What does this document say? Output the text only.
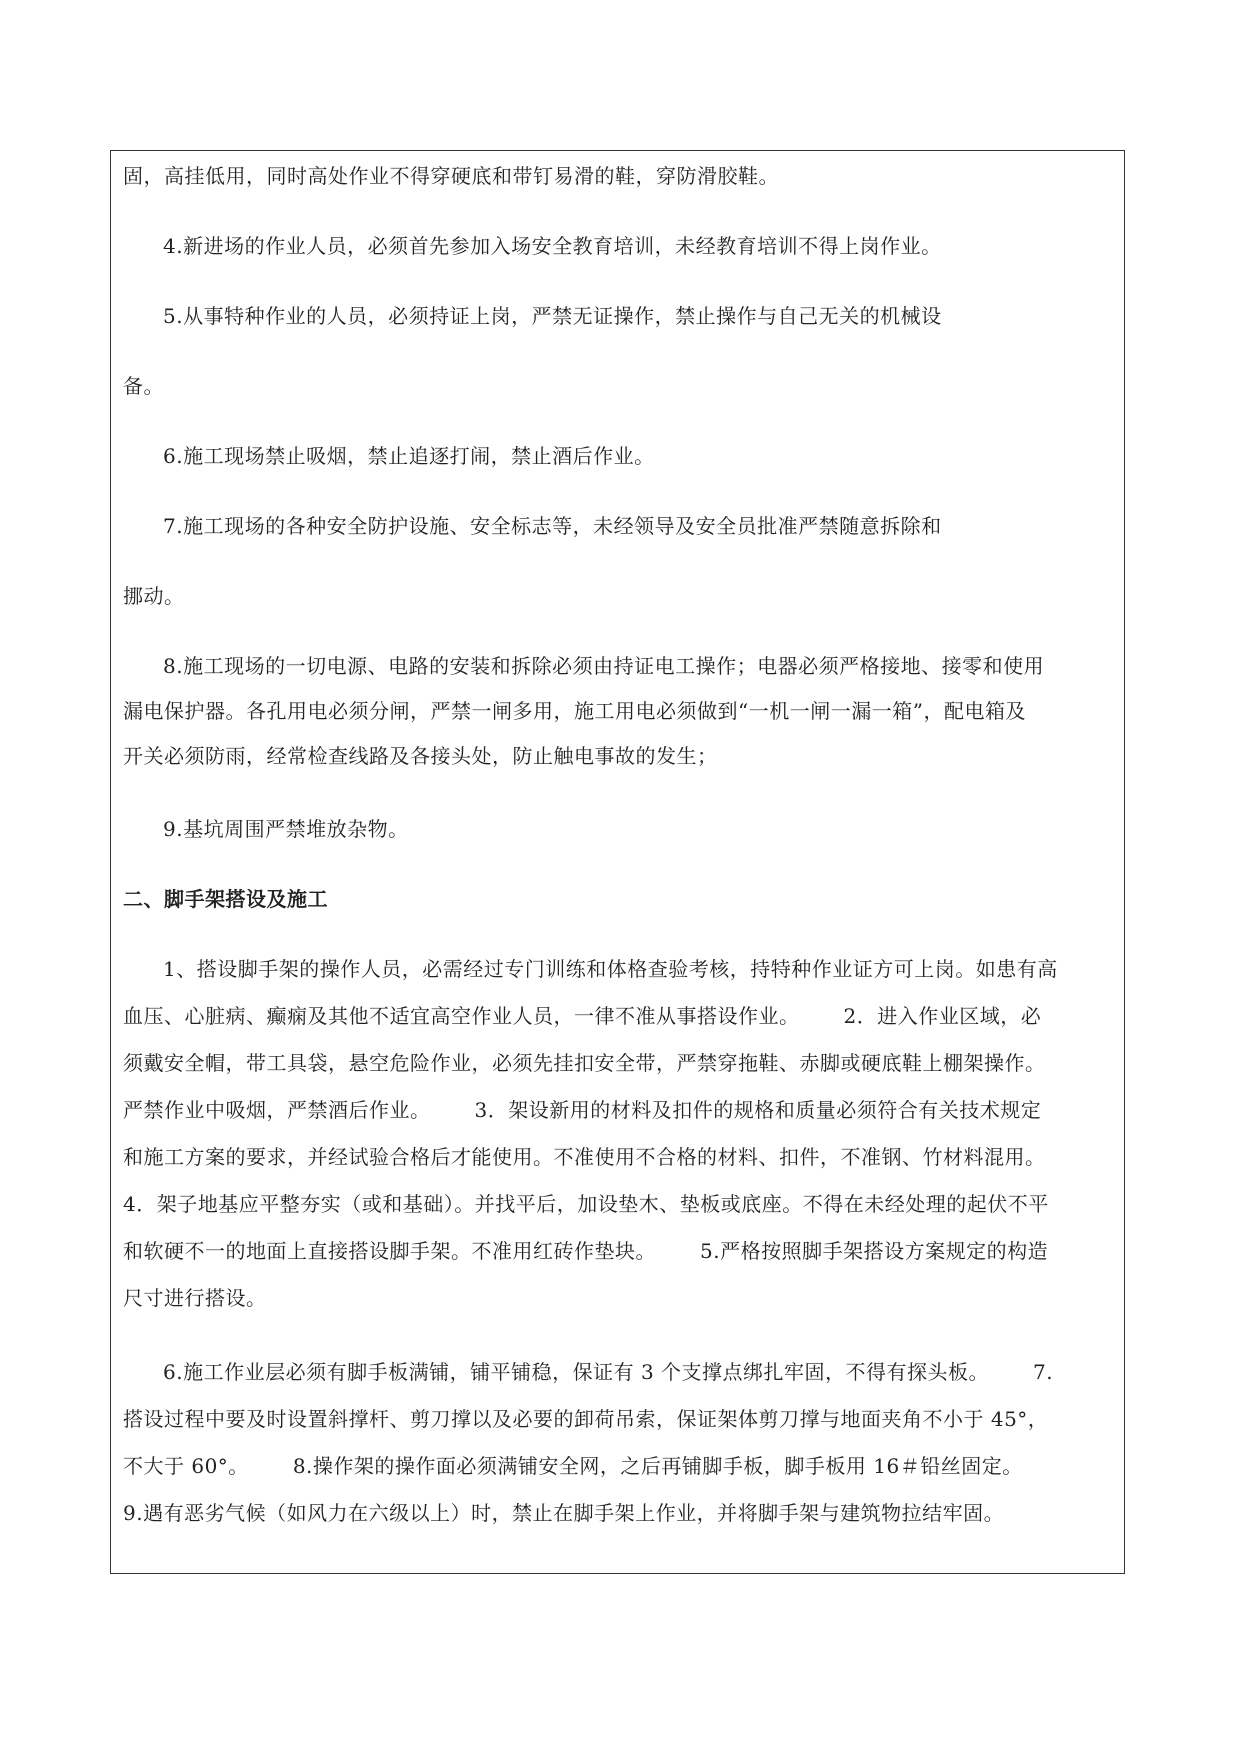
固，高挂低用，同时高处作业不得穿硬底和带钉易滑的鞋，穿防滑胶鞋。
4.新进场的作业人员，必须首先参加入场安全教育培训，未经教育培训不得上岗作业。
5.从事特种作业的人员，必须持证上岗，严禁无证操作，禁止操作与自己无关的机械设
备。
6.施工现场禁止吸烟，禁止追逐打闹，禁止酒后作业。
7.施工现场的各种安全防护设施、安全标志等，未经领导及安全员批准严禁随意拆除和
挪动。
8.施工现场的一切电源、电路的安装和拆除必须由持证电工操作；电器必须严格接地、接零和使用
漏电保护器。各孔用电必须分闸，严禁一闸多用，施工用电必须做到“一机一闸一漏一箱”，配电箱及
开关必须防雨，经常检查线路及各接头处，防止触电事故的发生；
9.基坑周围严禁堆放杂物。
二、脚手架搭设及施工
1、搭设脚手架的操作人员，必需经过专门训练和体格查验考核，持特种作业证方可上岗。如患有高
血压、心脏病、癫痫及其他不适宜高空作业人员，一律不准从事搭设作业。 2．进入作业区域，必
须戴安全帽，带工具袋，悬空危险作业，必须先挂扣安全带，严禁穿拖鞋、赤脚或硬底鞋上棚架操作。
严禁作业中吸烟，严禁酒后作业。 3．架设新用的材料及扣件的规格和质量必须符合有关技术规定
和施工方案的要求，并经试验合格后才能使用。不准使用不合格的材料、扣件，不准钢、竹材料混用。
4．架子地基应平整夯实（或和基础）。并找平后，加设垫木、垫板或底座。不得在未经处理的起伏不平
和软硬不一的地面上直接搭设脚手架。不准用红砖作垫块。 5.严格按照脚手架搭设方案规定的构造
尺寸进行搭设。
6.施工作业层必须有脚手板满铺，铺平铺稳，保证有 3 个支撑点绑扎牢固，不得有探头板。 7.
搭设过程中要及时设置斜撑杆、剪刀撑以及必要的卸荷吊索，保证架体剪刀撑与地面夹角不小于 45°，
不大于 60°。 8.操作架的操作面必须满铺安全网，之后再铺脚手板，脚手板用 16＃铅丝固定。
9.遇有恶劣气候（如风力在六级以上）时，禁止在脚手架上作业，并将脚手架与建筑物拉结牢固。
